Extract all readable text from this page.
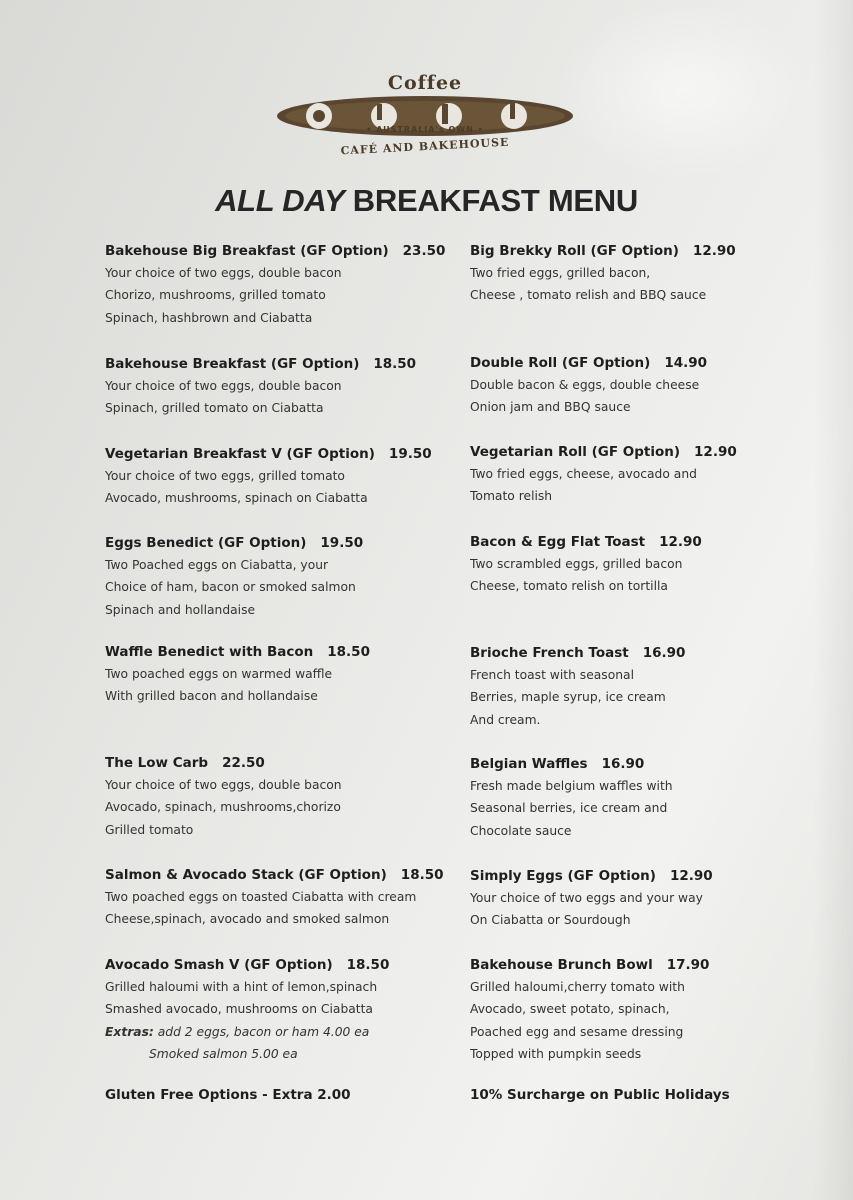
Coffee
• AUSTRALIA's OWN •
CAFÉ AND BAKEHOUSE
ALL DAY BREAKFAST MENU
Bakehouse Big Breakfast (GF Option) 23.50
Your choice of two eggs, double bacon
Chorizo, mushrooms, grilled tomato
Spinach, hashbrown and Ciabatta
Bakehouse Breakfast (GF Option) 18.50
Your choice of two eggs, double bacon
Spinach, grilled tomato on Ciabatta
Vegetarian Breakfast V (GF Option) 19.50
Your choice of two eggs, grilled tomato
Avocado, mushrooms, spinach on Ciabatta
Eggs Benedict (GF Option) 19.50
Two Poached eggs on Ciabatta, your
Choice of ham, bacon or smoked salmon
Spinach and hollandaise
Waffle Benedict with Bacon 18.50
Two poached eggs on warmed waffle
With grilled bacon and hollandaise
The Low Carb 22.50
Your choice of two eggs, double bacon
Avocado, spinach, mushrooms,chorizo
Grilled tomato
Salmon & Avocado Stack (GF Option) 18.50
Two poached eggs on toasted Ciabatta with cream
Cheese,spinach, avocado and smoked salmon
Avocado Smash V (GF Option) 18.50
Grilled haloumi with a hint of lemon,spinach
Smashed avocado, mushrooms on Ciabatta
Extras: add 2 eggs, bacon or ham 4.00 ea
Smoked salmon 5.00 ea
Big Brekky Roll (GF Option) 12.90
Two fried eggs, grilled bacon,
Cheese , tomato relish and BBQ sauce
Double Roll (GF Option) 14.90
Double bacon & eggs, double cheese
Onion jam and BBQ sauce
Vegetarian Roll (GF Option) 12.90
Two fried eggs, cheese, avocado and
Tomato relish
Bacon & Egg Flat Toast 12.90
Two scrambled eggs, grilled bacon
Cheese, tomato relish on tortilla
Brioche French Toast 16.90
French toast with seasonal
Berries, maple syrup, ice cream
And cream.
Belgian Waffles 16.90
Fresh made belgium waffles with
Seasonal berries, ice cream and
Chocolate sauce
Simply Eggs (GF Option) 12.90
Your choice of two eggs and your way
On Ciabatta or Sourdough
Bakehouse Brunch Bowl 17.90
Grilled haloumi,cherry tomato with
Avocado, sweet potato, spinach,
Poached egg and sesame dressing
Topped with pumpkin seeds
Gluten Free Options - Extra 2.00	10% Surcharge on Public Holidays
